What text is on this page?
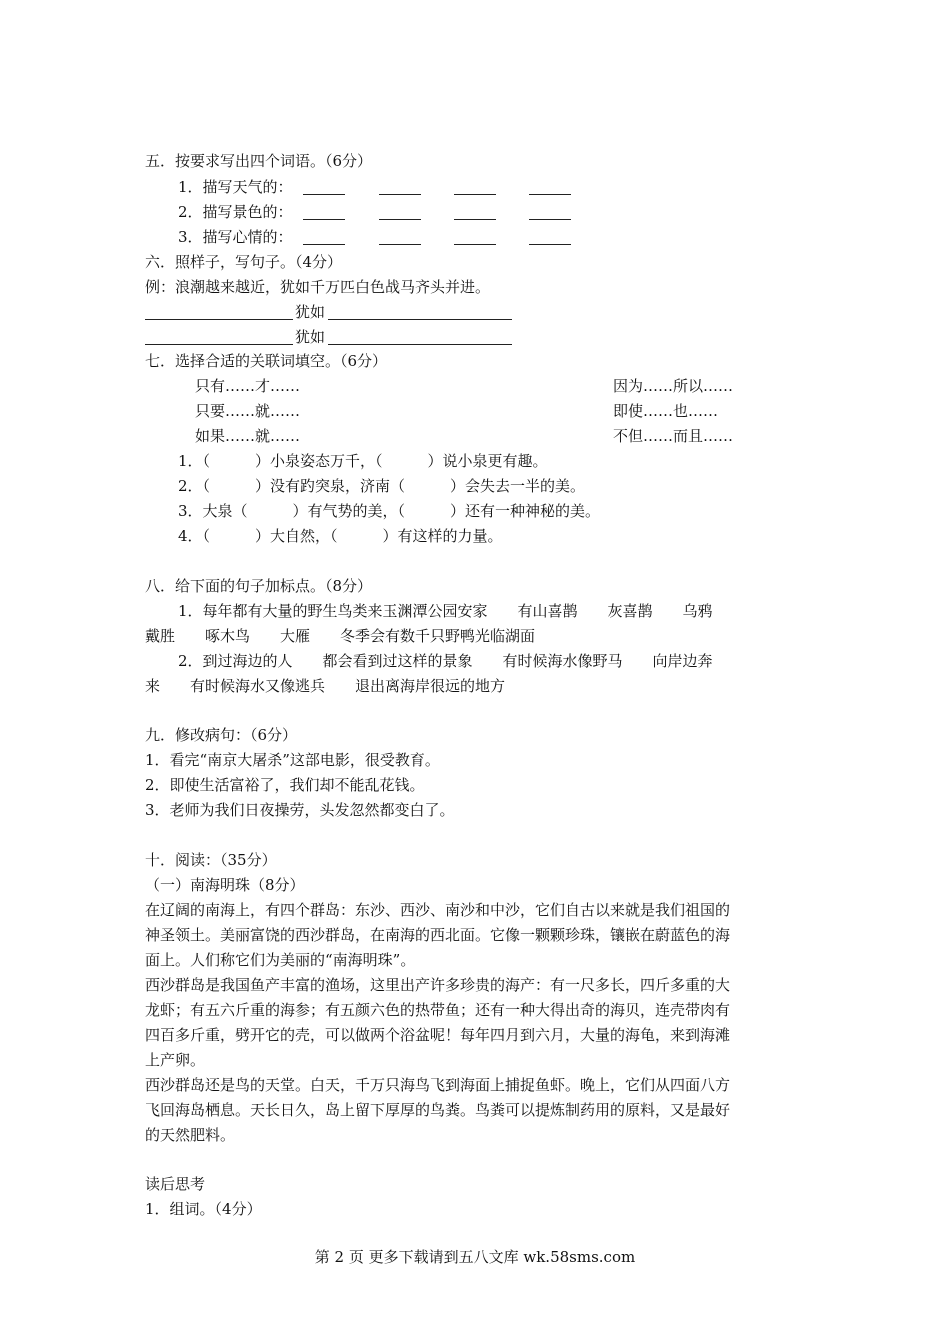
五．按要求写出四个词语。（6分）
1．描写天气的：
2．描写景色的：
3．描写心情的：
六．照样子，写句子。（4分）
例：浪潮越来越近，犹如千万匹白色战马齐头并进。
犹如
犹如
七．选择合适的关联词填空。（6分）
只有……才……	因为……所以……
只要……就……	即使……也……
如果……就……	不但……而且……
1．（　　　）小泉姿态万千，（　　　）说小泉更有趣。
2．（　　　）没有趵突泉，济南（　　　）会失去一半的美。
3．大泉（　　　）有气势的美，（　　　）还有一种神秘的美。
4．（　　　）大自然，（　　　）有这样的力量。
八．给下面的句子加标点。（8分）
1．每年都有大量的野生鸟类来玉渊潭公园安家　　有山喜鹊　　灰喜鹊　　乌鸦
戴胜　　啄木鸟　　大雁　　冬季会有数千只野鸭光临湖面
2．到过海边的人　　都会看到过这样的景象　　有时候海水像野马　　向岸边奔
来　　有时候海水又像逃兵　　退出离海岸很远的地方
九．修改病句：（6分）
1．看完“南京大屠杀”这部电影，很受教育。
2．即使生活富裕了，我们却不能乱花钱。
3．老师为我们日夜操劳，头发忽然都变白了。
十．阅读：（35分）
（一）南海明珠（8分）
在辽阔的南海上，有四个群岛：东沙、西沙、南沙和中沙，它们自古以来就是我们祖国的
神圣领土。美丽富饶的西沙群岛，在南海的西北面。它像一颗颗珍珠，镶嵌在蔚蓝色的海
面上。人们称它们为美丽的“南海明珠”。
西沙群岛是我国鱼产丰富的渔场，这里出产许多珍贵的海产：有一尺多长，四斤多重的大
龙虾；有五六斤重的海参；有五颜六色的热带鱼；还有一种大得出奇的海贝，连壳带肉有
四百多斤重，劈开它的壳，可以做两个浴盆呢！每年四月到六月，大量的海龟，来到海滩
上产卵。
西沙群岛还是鸟的天堂。白天，千万只海鸟飞到海面上捕捉鱼虾。晚上，它们从四面八方
飞回海岛栖息。天长日久，岛上留下厚厚的鸟粪。鸟粪可以提炼制药用的原料，又是最好
的天然肥料。
读后思考
1．组词。（4分）
第 2 页 更多下载请到五八文库 wk.58sms.com
